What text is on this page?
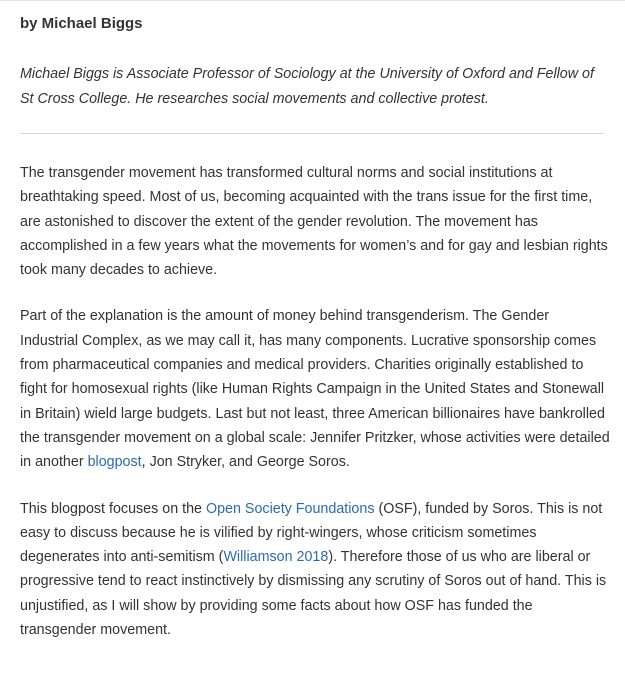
by Michael Biggs

Michael Biggs is Associate Professor of Sociology at the University of Oxford and Fellow of St Cross College. He researches social movements and collective protest.

The transgender movement has transformed cultural norms and social institutions at breathtaking speed. Most of us, becoming acquainted with the trans issue for the first time, are astonished to discover the extent of the gender revolution. The movement has accomplished in a few years what the movements for women’s and for gay and lesbian rights took many decades to achieve.

Part of the explanation is the amount of money behind transgenderism. The Gender Industrial Complex, as we may call it, has many components. Lucrative sponsorship comes from pharmaceutical companies and medical providers. Charities originally established to fight for homosexual rights (like Human Rights Campaign in the United States and Stonewall in Britain) wield large budgets. Last but not least, three American billionaires have bankrolled the transgender movement on a global scale: Jennifer Pritzker, whose activities were detailed in another blogpost, Jon Stryker, and George Soros.

This blogpost focuses on the Open Society Foundations (OSF), funded by Soros. This is not easy to discuss because he is vilified by right-wingers, whose criticism sometimes degenerates into anti-semitism (Williamson 2018). Therefore those of us who are liberal or progressive tend to react instinctively by dismissing any scrutiny of Soros out of hand. This is unjustified, as I will show by providing some facts about how OSF has funded the transgender movement.
